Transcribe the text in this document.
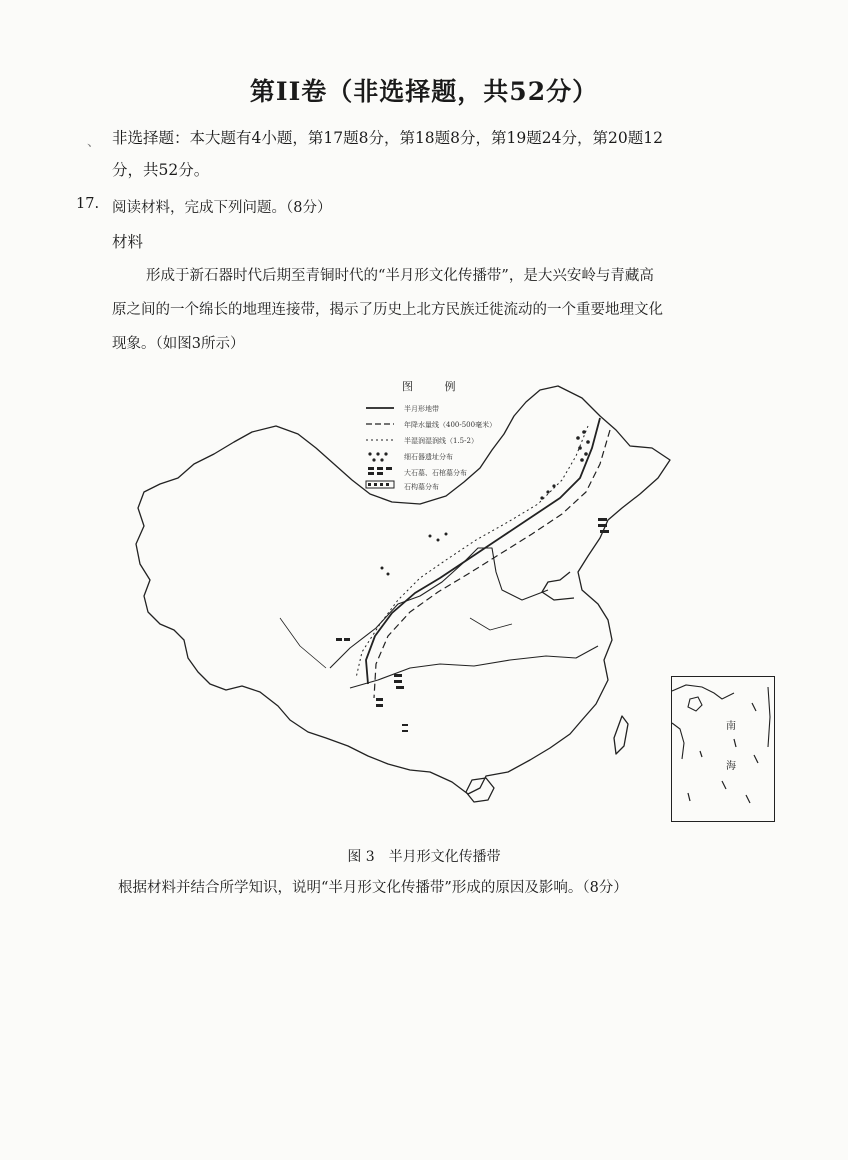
第II卷（非选择题，共52分）
、 非选择题：本大题有4小题，第17题8分，第18题8分，第19题24分，第20题12
分，共52分。
17. 阅读材料，完成下列问题。（8分）
材料
形成于新石器时代后期至青铜时代的“半月形文化传播带”，是大兴安岭与青藏高
原之间的一个绵长的地理连接带，揭示了历史上北方民族迁徙流动的一个重要地理文化
现象。（如图3所示）
图 例
半月形地带
年降水量线（400-500毫米）
半湿润湿润线（1.5-2）
细石器遗址分布
大石墓、石棺墓分布
石构墓分布
南
海
图 3　半月形文化传播带
根据材料并结合所学知识，说明“半月形文化传播带”形成的原因及影响。（8分）
